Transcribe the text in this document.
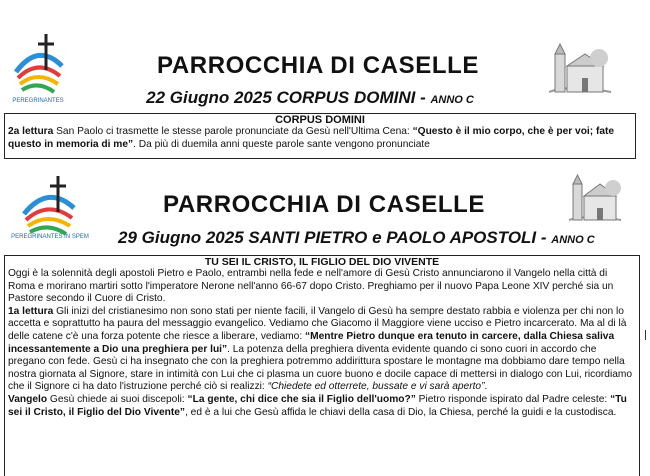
PEREGRINANTES
PARROCCHIA DI CASELLE
22 Giugno 2025 CORPUS DOMINI - ANNO C
CORPUS DOMINI

2a lettura San Paolo ci trasmette le stesse parole pronunciate da Gesù nell'Ultima Cena: “Questo è il mio corpo, che è per voi; fate questo in memoria di me”. Da più di duemila anni queste parole sante vengono pronunciate

PEREGRINANTES IN SPEM
PARROCCHIA DI CASELLE
29 Giugno 2025 SANTI PIETRO e PAOLO APOSTOLI - ANNO C
TU SEI IL CRISTO, IL FIGLIO DEL DIO VIVENTE

Oggi è la solennità degli apostoli Pietro e Paolo, entrambi nella fede e nell'amore di Gesù Cristo annunciarono il Vangelo nella città di Roma e morirano martiri sotto l'imperatore Nerone nell'anno 66-67 dopo Cristo. Preghiamo per il nuovo Papa Leone XIV perché sia un Pastore secondo il Cuore di Cristo.

1a lettura Gli inizi del cristianesimo non sono stati per niente facili, il Vangelo di Gesù ha sempre destato rabbia e violenza per chi non lo accetta e soprattutto ha paura del messaggio evangelico. Vediamo che Giacomo il Maggiore viene ucciso e Pietro incarcerato. Ma al di là delle catene c'è una forza potente che riesce a liberare, vediamo: “Mentre Pietro dunque era tenuto in carcere, dalla Chiesa saliva incessantemente a Dio una preghiera per lui”. La potenza della preghiera diventa evidente quando ci sono cuori in accordo che pregano con fede. Gesù ci ha insegnato che con la preghiera potremmo addirittura spostare le montagne ma dobbiamo dare tempo nella nostra giornata al Signore, stare in intimità con Lui che ci plasma un cuore buono e docile capace di mettersi in dialogo con Lui, ricordiamo che il Signore ci ha dato l'istruzione perché ciò si realizzi: “Chiedete ed otterrete, bussate e vi sarà aperto”.

Vangelo Gesù chiede ai suoi discepoli: “La gente, chi dice che sia il Figlio dell'uomo?” Pietro risponde ispirato dal Padre celeste: “Tu sei il Cristo, il Figlio del Dio Vivente”, ed è a lui che Gesù affida le chiavi della casa di Dio, la Chiesa, perché la guidi e la custodisca.
